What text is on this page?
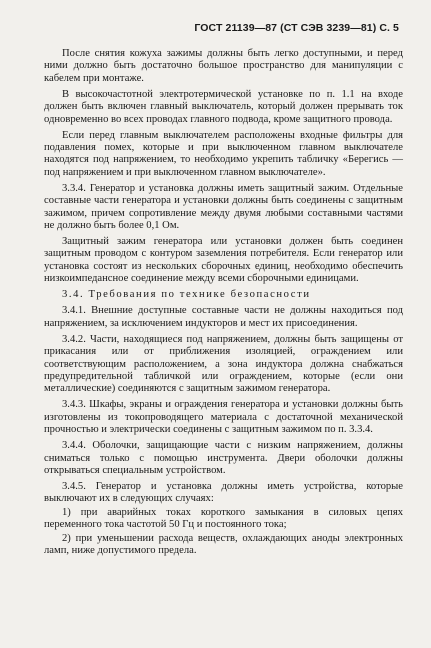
ГОСТ 21139—87 (СТ СЭВ 3239—81) С. 5

После снятия кожуха зажимы должны быть легко доступными, и перед ними должно быть достаточно большое пространство для манипуляции с кабелем при монтаже.

В высокочастотной электротермической установке по п. 1.1 на входе должен быть включен главный выключатель, который должен прерывать ток одновременно во всех проводах главного подвода, кроме защитного провода.

Если перед главным выключателем расположены входные фильтры для подавления помех, которые и при выключенном главном выключателе находятся под напряжением, то необходимо укрепить табличку «Берегись — под напряжением и при выключенном главном выключателе».

3.3.4. Генератор и установка должны иметь защитный зажим. Отдельные составные части генератора и установки должны быть соединены с защитным зажимом, причем сопротивление между двумя любыми составными частями не должно быть более 0,1 Ом.

Защитный зажим генератора или установки должен быть соединен защитным проводом с контуром заземления потребителя. Если генератор или установка состоят из нескольких сборочных единиц, необходимо обеспечить низкоимпедансное соединение между всеми сборочными единицами.

3.4. Требования по технике безопасности

3.4.1. Внешние доступные составные части не должны находиться под напряжением, за исключением индукторов и мест их присоединения.

3.4.2. Части, находящиеся под напряжением, должны быть защищены от прикасания или от приближения изоляцией, ограждением или соответствующим расположением, а зона индуктора должна снабжаться предупредительной табличкой или ограждением, которые (если они металлические) соединяются с защитным зажимом генератора.

3.4.3. Шкафы, экраны и ограждения генератора и установки должны быть изготовлены из токопроводящего материала с достаточной механической прочностью и электрически соединены с защитным зажимом по п. 3.3.4.

3.4.4. Оболочки, защищающие части с низким напряжением, должны сниматься только с помощью инструмента. Двери оболочки должны открываться специальным устройством.

3.4.5. Генератор и установка должны иметь устройства, которые выключают их в следующих случаях:

1) при аварийных токах короткого замыкания в силовых цепях переменного тока частотой 50 Гц и постоянного тока;

2) при уменьшении расхода веществ, охлаждающих аноды электронных ламп, ниже допустимого предела.
